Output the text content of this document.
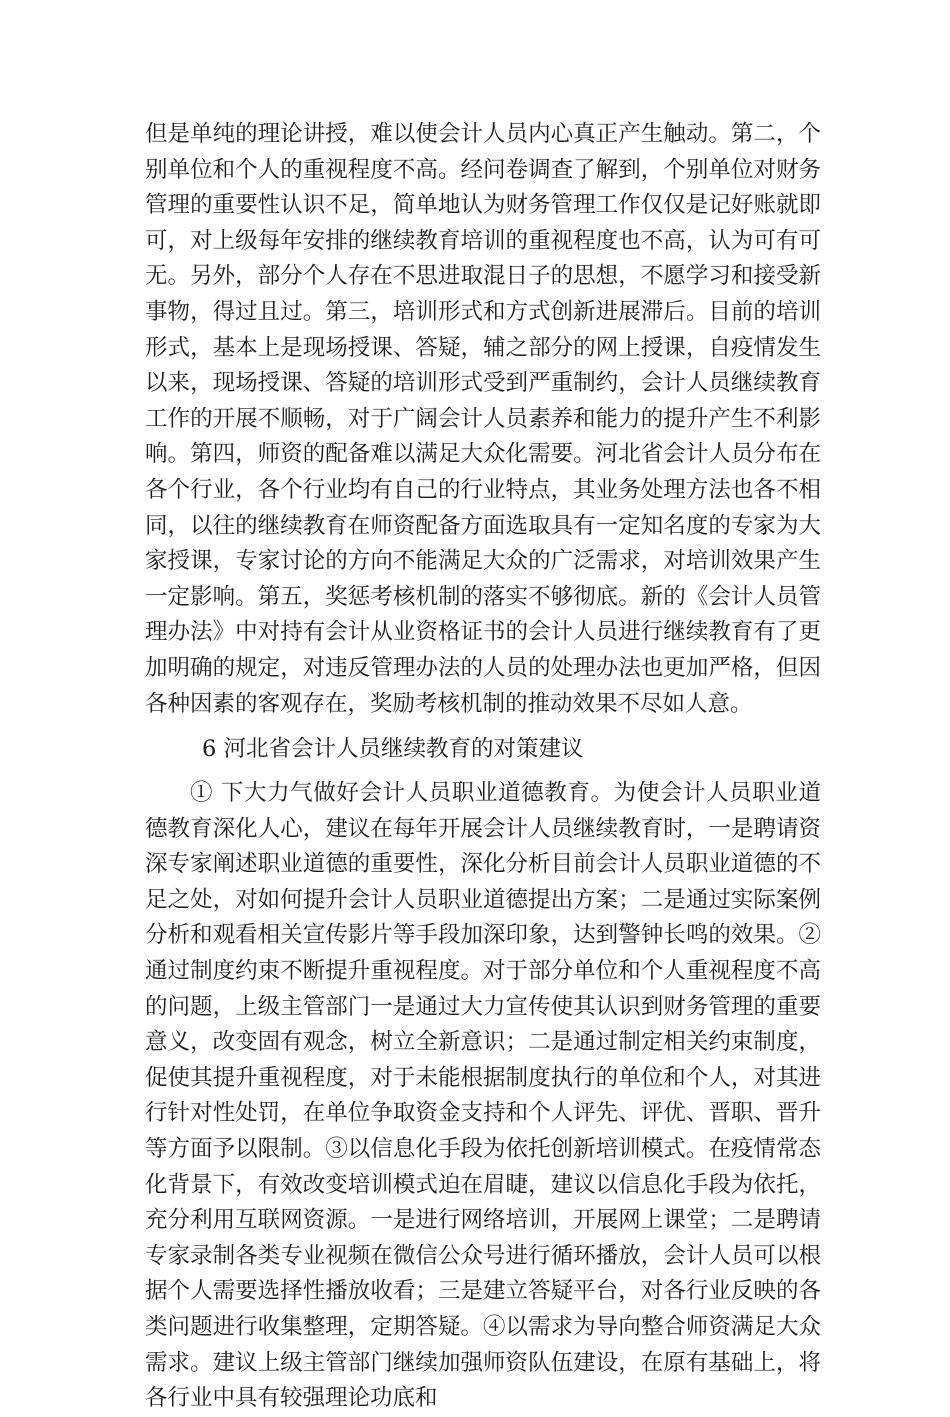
但是单纯的理论讲授，难以使会计人员内心真正产生触动。第二，个别单位和个人的重视程度不高。经问卷调查了解到，个别单位对财务管理的重要性认识不足，简单地认为财务管理工作仅仅是记好账就即可，对上级每年安排的继续教育培训的重视程度也不高，认为可有可无。另外，部分个人存在不思进取混日子的思想，不愿学习和接受新事物，得过且过。第三，培训形式和方式创新进展滞后。目前的培训形式，基本上是现场授课、答疑，辅之部分的网上授课，自疫情发生以来，现场授课、答疑的培训形式受到严重制约，会计人员继续教育工作的开展不顺畅，对于广阔会计人员素养和能力的提升产生不利影响。第四，师资的配备难以满足大众化需要。河北省会计人员分布在各个行业，各个行业均有自己的行业特点，其业务处理方法也各不相同，以往的继续教育在师资配备方面选取具有一定知名度的专家为大家授课，专家讨论的方向不能满足大众的广泛需求，对培训效果产生一定影响。第五，奖惩考核机制的落实不够彻底。新的《会计人员管理办法》中对持有会计从业资格证书的会计人员进行继续教育有了更加明确的规定，对违反管理办法的人员的处理办法也更加严格，但因各种因素的客观存在，奖励考核机制的推动效果不尽如人意。

6 河北省会计人员继续教育的对策建议

① 下大力气做好会计人员职业道德教育。为使会计人员职业道德教育深化人心，建议在每年开展会计人员继续教育时，一是聘请资深专家阐述职业道德的重要性，深化分析目前会计人员职业道德的不足之处，对如何提升会计人员职业道德提出方案；二是通过实际案例分析和观看相关宣传影片等手段加深印象，达到警钟长鸣的效果。②通过制度约束不断提升重视程度。对于部分单位和个人重视程度不高的问题，上级主管部门一是通过大力宣传使其认识到财务管理的重要意义，改变固有观念，树立全新意识；二是通过制定相关约束制度，促使其提升重视程度，对于未能根据制度执行的单位和个人，对其进行针对性处罚，在单位争取资金支持和个人评先、评优、晋职、晋升等方面予以限制。③以信息化手段为依托创新培训模式。在疫情常态化背景下，有效改变培训模式迫在眉睫，建议以信息化手段为依托，充分利用互联网资源。一是进行网络培训，开展网上课堂；二是聘请专家录制各类专业视频在微信公众号进行循环播放，会计人员可以根据个人需要选择性播放收看；三是建立答疑平台，对各行业反映的各类问题进行收集整理，定期答疑。④以需求为导向整合师资满足大众需求。建议上级主管部门继续加强师资队伍建设，在原有基础上，将各行业中具有较强理论功底和
